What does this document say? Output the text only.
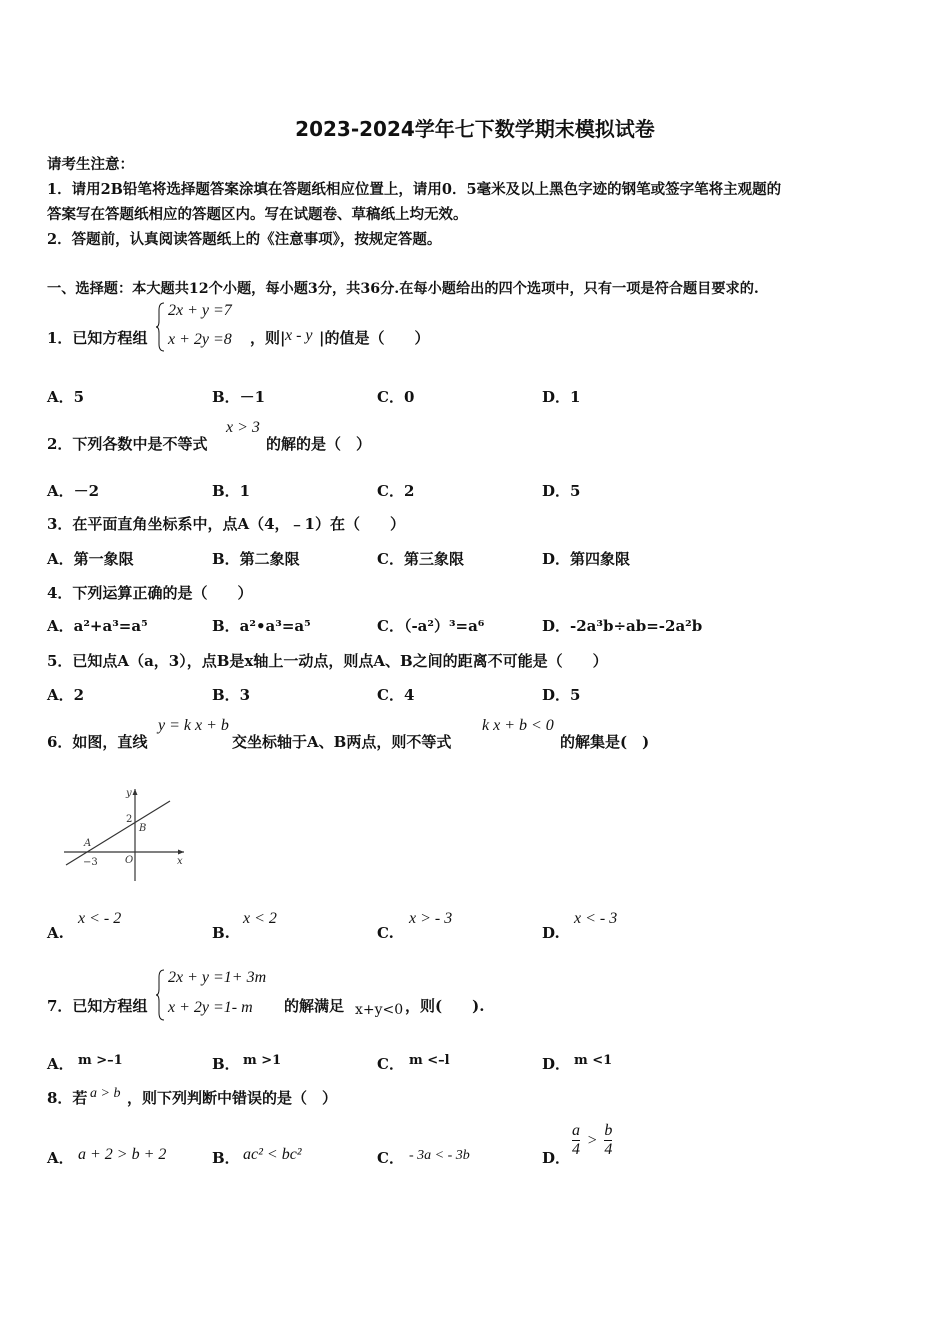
2023-2024学年七下数学期末模拟试卷
请考生注意：
1．请用2B铅笔将选择题答案涂填在答题纸相应位置上，请用0．5毫米及以上黑色字迹的钢笔或签字笔将主观题的
答案写在答题纸相应的答题区内。写在试题卷、草稿纸上均无效。
2．答题前，认真阅读答题纸上的《注意事项》，按规定答题。
一、选择题：本大题共12个小题，每小题3分，共36分.在每小题给出的四个选项中，只有一项是符合题目要求的.
1．已知方程组
2x + y =7
x + 2y =8 ，则| x - y |的值是（　　）
A．5	B．－1	C．0	D．1
2．下列各数中是不等式
x > 3
的解的是（　）
A．－2	B．1	C．2	D．5
3．在平面直角坐标系中，点A（4，﹣1）在（　　）
A．第一象限	B．第二象限	C．第三象限	D．第四象限
4．下列运算正确的是（　　）
A．a²+a³=a⁵	B．a²•a³=a⁵	C．（-a²）³=a⁶	D．-2a³b÷ab=-2a²b
5．已知点A（a，3），点B是x轴上一动点，则点A、B之间的距离不可能是（　　）
A．2	B．3	C．4	D．5
6．如图，直线
y = k x + b
交坐标轴于A、B两点，则不等式
k x + b < 0
的解集是(　)
y
x
O
A
B
2
−3
A.
x < - 2
B.
x < 2
C.
x > - 3
D.
x < - 3
7．已知方程组
2x + y =1+ 3m
x + 2y =1- m 的解满足 x+y<0 ，则(　　).
A． m >–1	B． m >1	C． m <–l	D． m <1
8．若 a > b ，则下列判断中错误的是（　）
A． a + 2 > b + 2	B． ac² < bc²	C． - 3a < - 3b	D． $\frac{a}{4} > \frac{b}{4}$
